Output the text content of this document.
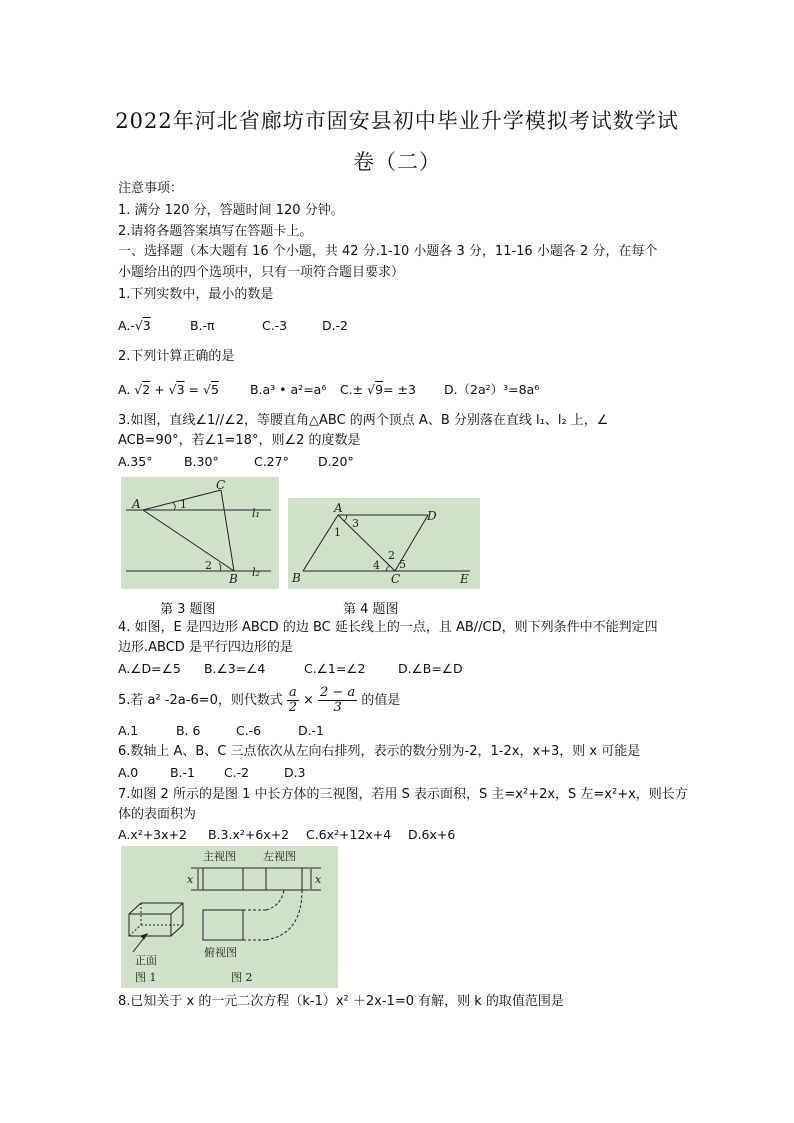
2022年河北省廊坊市固安县初中毕业升学模拟考试数学试
卷（二）
注意事项：
1. 满分 120 分，答题时间 120 分钟。
2.请将各题答案填写在答题卡上。
一、选择题（本大题有 16 个小题，共 42 分.1-10 小题各 3 分，11-16 小题各 2 分，在每个
小题给出的四个选项中，只有一项符合题目要求）
1.下列实数中，最小的数是
A.-√3	B.-π	C.-3	D.-2
2.下列计算正确的是
A. √2 + √3 = √5 B.a³ • a²=a⁶ C.± √9= ±3 D.（2a²）³=8a⁶
3.如图，直线∠1//∠2，等腰直角△ABC 的两个顶点 A、B 分别落在直线 l₁、l₂ 上，∠
ACB=90°，若∠1=18°，则∠2 的度数是
A.35°	B.30°	C.27° D.20°
A
C
B
l₁
l₂
1
2
A
D
B	C	E
3
1
2
4 5
第 3 题图	第 4 题图
4. 如图，E 是四边形 ABCD 的边 BC 延长线上的一点，且 AB//CD，则下列条件中不能判定四
边形.ABCD 是平行四边形的是
A.∠D=∠5 B.∠3=∠4	C.∠1=∠2	D.∠B=∠D
5.若 a² -2a-6=0，则代数式 $\frac{a}{2} \times \frac{2 - a}{3}$ 的值是
A.1	B. 6	C.-6	D.-1
6.数轴上 A、B、C 三点依次从左向右排列，表示的数分别为-2，1-2x，x+3，则 x 可能是
A.0	B.-1 C.-2	D.3
7.如图 2 所示的是图 1 中长方体的三视图，若用 S 表示面积，S 主=x²+2x，S 左=x²+x，则长方
体的表面积为
A.x²+3x+2 B.3.x²+6x+2 C.6x²+12x+4 D.6x+6
主视图 左视图
俯视图
正面
图 1	图 2
x	x
8.已知关于 x 的一元二次方程（k-1）x² ＋2x-1=0 有解，则 k 的取值范围是
